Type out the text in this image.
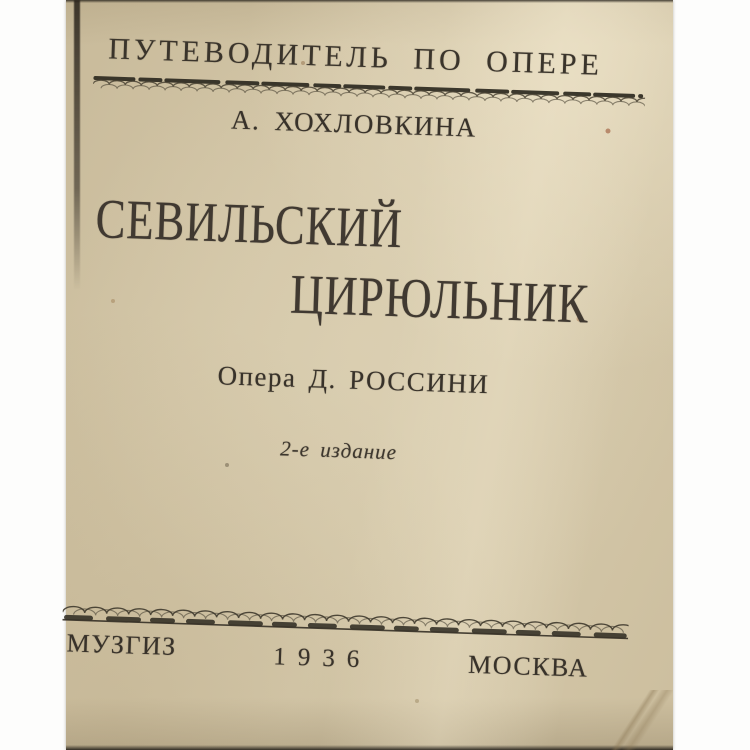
ПУТЕВОДИТЕЛЬ ПО ОПЕРЕ
А. ХОХЛОВКИНА
СЕВИЛЬСКИЙ
ЦИРЮЛЬНИК
Опера Д. РОССИНИ
2-е издание
МУЗГИЗ	1936	МОСКВА
